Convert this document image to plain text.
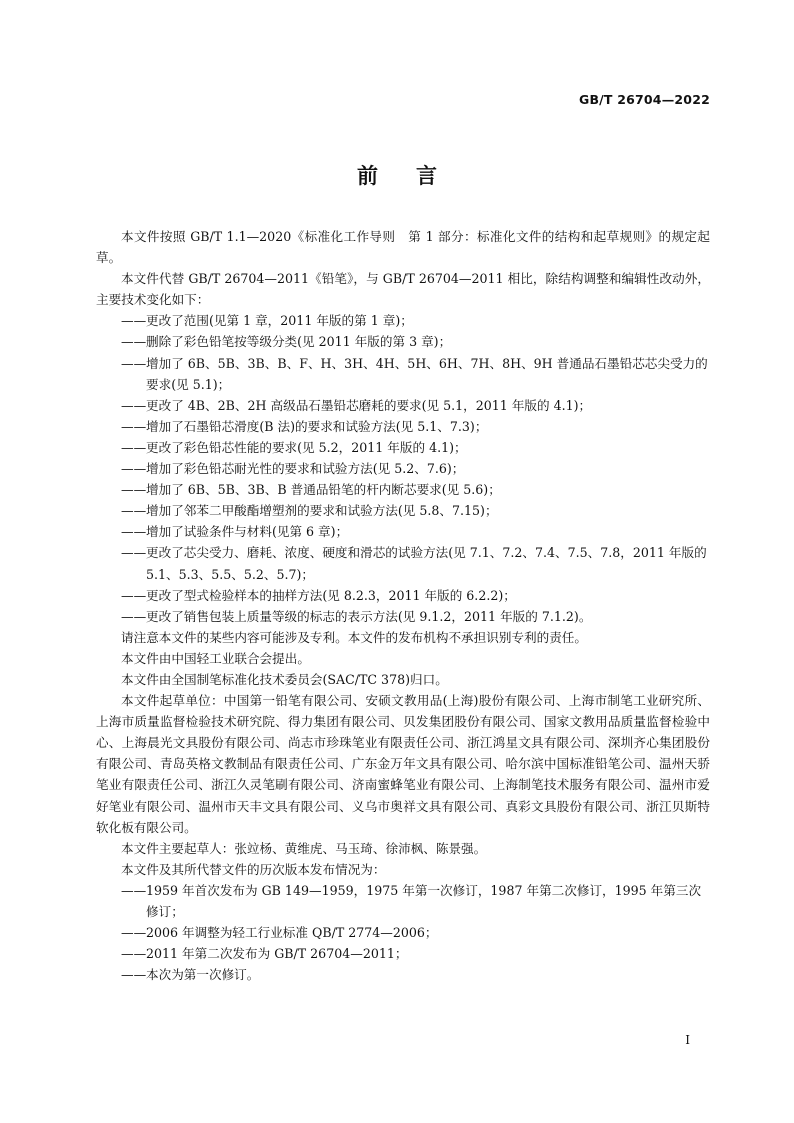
GB/T 26704—2022
前言

本文件按照 GB/T 1.1—2020《标准化工作导则　第 1 部分：标准化文件的结构和起草规则》的规定起草。

本文件代替 GB/T 26704—2011《铅笔》，与 GB/T 26704—2011 相比，除结构调整和编辑性改动外，主要技术变化如下：

——更改了范围(见第 1 章，2011 年版的第 1 章)；

——删除了彩色铅笔按等级分类(见 2011 年版的第 3 章)；

——增加了 6B、5B、3B、B、F、H、3H、4H、5H、6H、7H、8H、9H 普通品石墨铅芯芯尖受力的要求(见 5.1)；

——更改了 4B、2B、2H 高级品石墨铅芯磨耗的要求(见 5.1，2011 年版的 4.1)；

——增加了石墨铅芯滑度(B 法)的要求和试验方法(见 5.1、7.3)；

——更改了彩色铅芯性能的要求(见 5.2，2011 年版的 4.1)；

——增加了彩色铅芯耐光性的要求和试验方法(见 5.2、7.6)；

——增加了 6B、5B、3B、B 普通品铅笔的杆内断芯要求(见 5.6)；

——增加了邻苯二甲酸酯增塑剂的要求和试验方法(见 5.8、7.15)；

——增加了试验条件与材料(见第 6 章)；

——更改了芯尖受力、磨耗、浓度、硬度和滑芯的试验方法(见 7.1、7.2、7.4、7.5、7.8，2011 年版的 5.1、5.3、5.5、5.2、5.7)；

——更改了型式检验样本的抽样方法(见 8.2.3，2011 年版的 6.2.2)；

——更改了销售包装上质量等级的标志的表示方法(见 9.1.2，2011 年版的 7.1.2)。

请注意本文件的某些内容可能涉及专利。本文件的发布机构不承担识别专利的责任。

本文件由中国轻工业联合会提出。

本文件由全国制笔标准化技术委员会(SAC/TC 378)归口。

本文件起草单位：中国第一铅笔有限公司、安硕文教用品(上海)股份有限公司、上海市制笔工业研究所、上海市质量监督检验技术研究院、得力集团有限公司、贝发集团股份有限公司、国家文教用品质量监督检验中心、上海晨光文具股份有限公司、尚志市珍珠笔业有限责任公司、浙江鸿星文具有限公司、深圳齐心集团股份有限公司、青岛英格文教制品有限责任公司、广东金万年文具有限公司、哈尔滨中国标准铅笔公司、温州天骄笔业有限责任公司、浙江久灵笔刷有限公司、济南蜜蜂笔业有限公司、上海制笔技术服务有限公司、温州市爱好笔业有限公司、温州市天丰文具有限公司、义乌市奥祥文具有限公司、真彩文具股份有限公司、浙江贝斯特软化板有限公司。

本文件主要起草人：张竝杨、黄维虎、马玉琦、徐沛枫、陈景强。

本文件及其所代替文件的历次版本发布情况为：

——1959 年首次发布为 GB 149—1959，1975 年第一次修订，1987 年第二次修订，1995 年第三次修订；

——2006 年调整为轻工行业标准 QB/T 2774—2006；

——2011 年第二次发布为 GB/T 26704—2011；

——本次为第一次修订。

I
